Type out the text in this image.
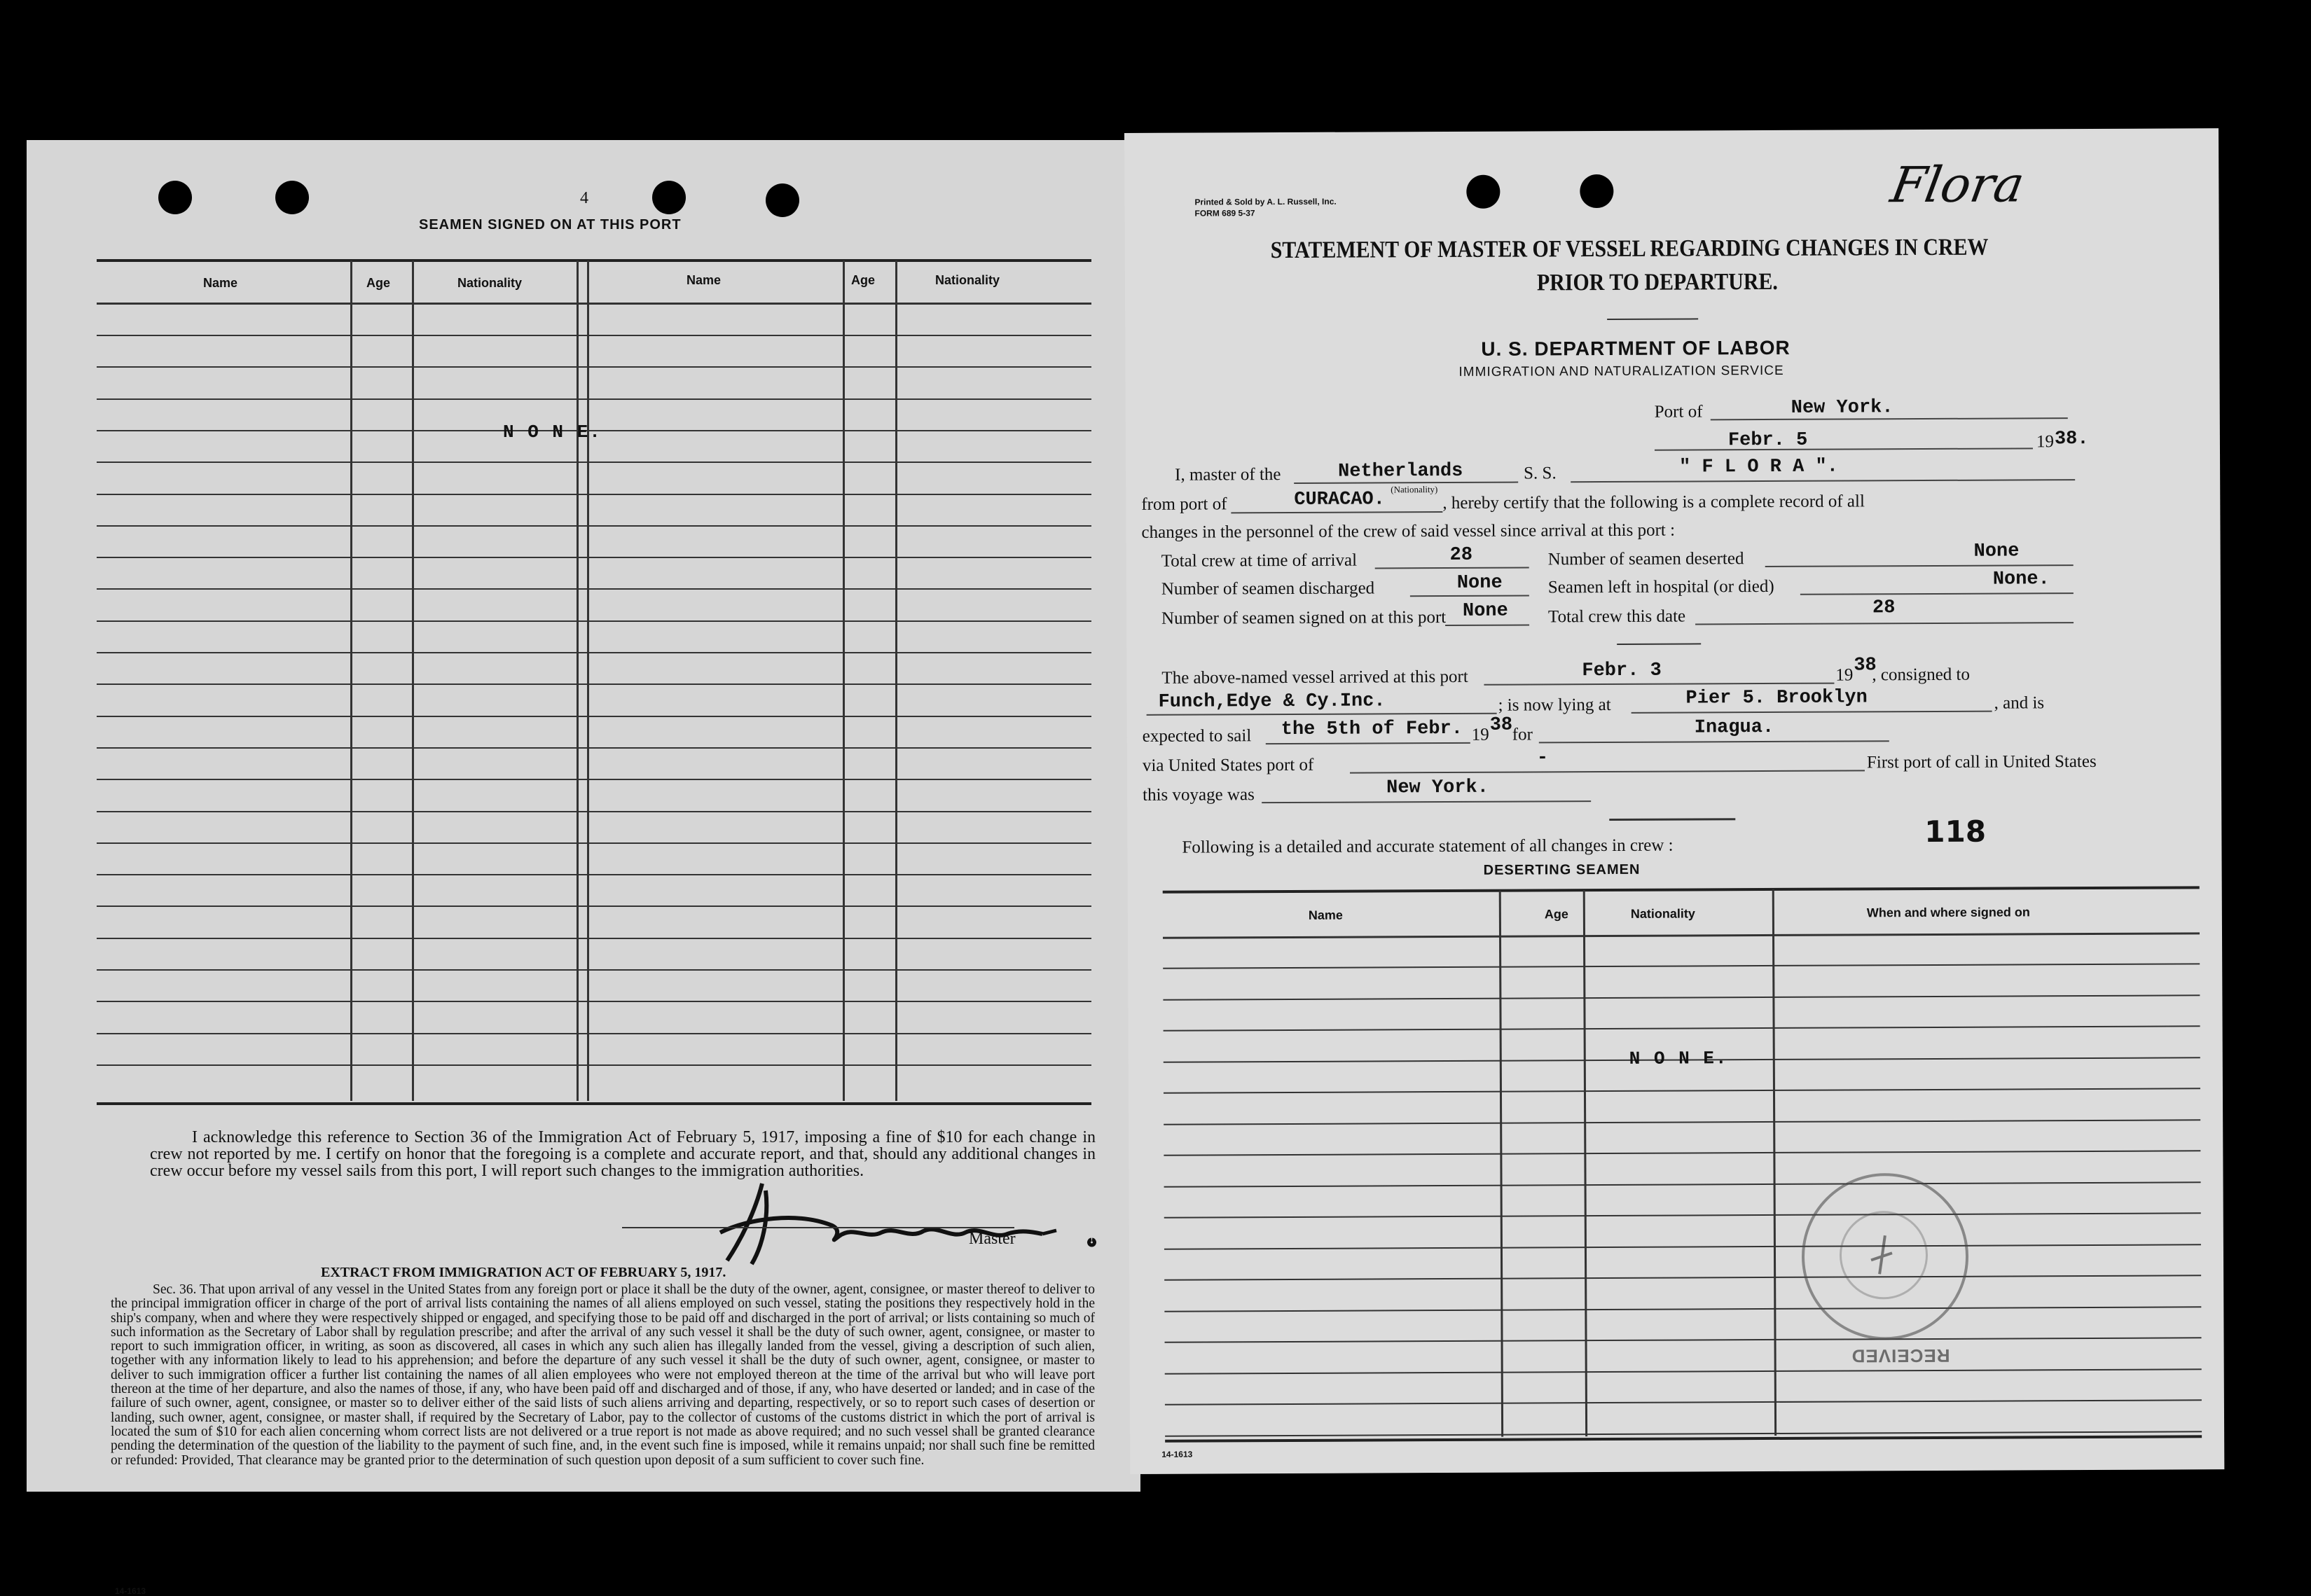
4
SEAMEN SIGNED ON AT THIS PORT
Name	Age	Nationality	Name	Age	Nationality
N O N E.
I acknowledge this reference to Section 36 of the Immigration Act of February 5, 1917, imposing a fine of $10 for each change in crew not reported by me. I certify on honor that the foregoing is a complete and accurate report, and that, should any additional changes in crew occur before my vessel sails from this port, I will report such changes to the immigration authorities.
Master
EXTRACT FROM IMMIGRATION ACT OF FEBRUARY 5, 1917.
Sec. 36. That upon arrival of any vessel in the United States from any foreign port or place it shall be the duty of the owner, agent, consignee, or master thereof to deliver to the principal immigration officer in charge of the port of arrival lists containing the names of all aliens employed on such vessel, stating the positions they respectively hold in the ship's company, when and where they were respectively shipped or engaged, and specifying those to be paid off and discharged in the port of arrival; or lists containing so much of such information as the Secretary of Labor shall by regulation prescribe; and after the arrival of any such vessel it shall be the duty of such owner, agent, consignee, or master to report to such immigration officer, in writing, as soon as discovered, all cases in which any such alien has illegally landed from the vessel, giving a description of such alien, together with any information likely to lead to his apprehension; and before the departure of any such vessel it shall be the duty of such owner, agent, consignee, or master to deliver to such immigration officer a further list containing the names of all alien employees who were not employed thereon at the time of the arrival but who will leave port thereon at the time of her departure, and also the names of those, if any, who have been paid off and discharged and of those, if any, who have deserted or landed; and in case of the failure of such owner, agent, consignee, or master so to deliver either of the said lists of such aliens arriving and departing, respectively, or so to report such cases of desertion or landing, such owner, agent, consignee, or master shall, if required by the Secretary of Labor, pay to the collector of customs of the customs district in which the port of arrival is located the sum of $10 for each alien concerning whom correct lists are not delivered or a true report is not made as above required; and no such vessel shall be granted clearance pending the determination of the question of the liability to the payment of such fine, and, in the event such fine is imposed, while it remains unpaid; nor shall such fine be remitted or refunded: Provided, That clearance may be granted prior to the determination of such question upon deposit of a sum sufficient to cover such fine.
14-1613
Printed & Sold by A. L. Russell, Inc.
FORM 689 5-37	Flora
STATEMENT OF MASTER OF VESSEL REGARDING CHANGES IN CREW
PRIOR TO DEPARTURE.
U. S. DEPARTMENT OF LABOR
IMMIGRATION AND NATURALIZATION SERVICE
Port of	New York.
Febr. 5	19 38.
I, master of the	Netherlands
(Nationality)
S. S.	" F L O R A ".
from port of	CURACAO.	, hereby certify that the following is a complete record of all
changes in the personnel of the crew of said vessel since arrival at this port :
Total crew at time of arrival	28	Number of seamen deserted	None
Number of seamen discharged	None	Seamen left in hospital (or died)	None.
Number of seamen signed on at this port None Total crew this date	28
The above-named vessel arrived at this port	Febr. 3	19 38
, consigned to
Funch,Edye & Cy.Inc.	; is now lying at	Pier 5. Brooklyn	, and is
expected to sail the 5th of Febr. 19 38 for	Inagua.
via United States port of	-	First port of call in United States
this voyage was	New York.
118
Following is a detailed and accurate statement of all changes in crew :
DESERTING SEAMEN
Name	Age	Nationality	When and where signed on
N O N E.
RECEIVED
14-1613
